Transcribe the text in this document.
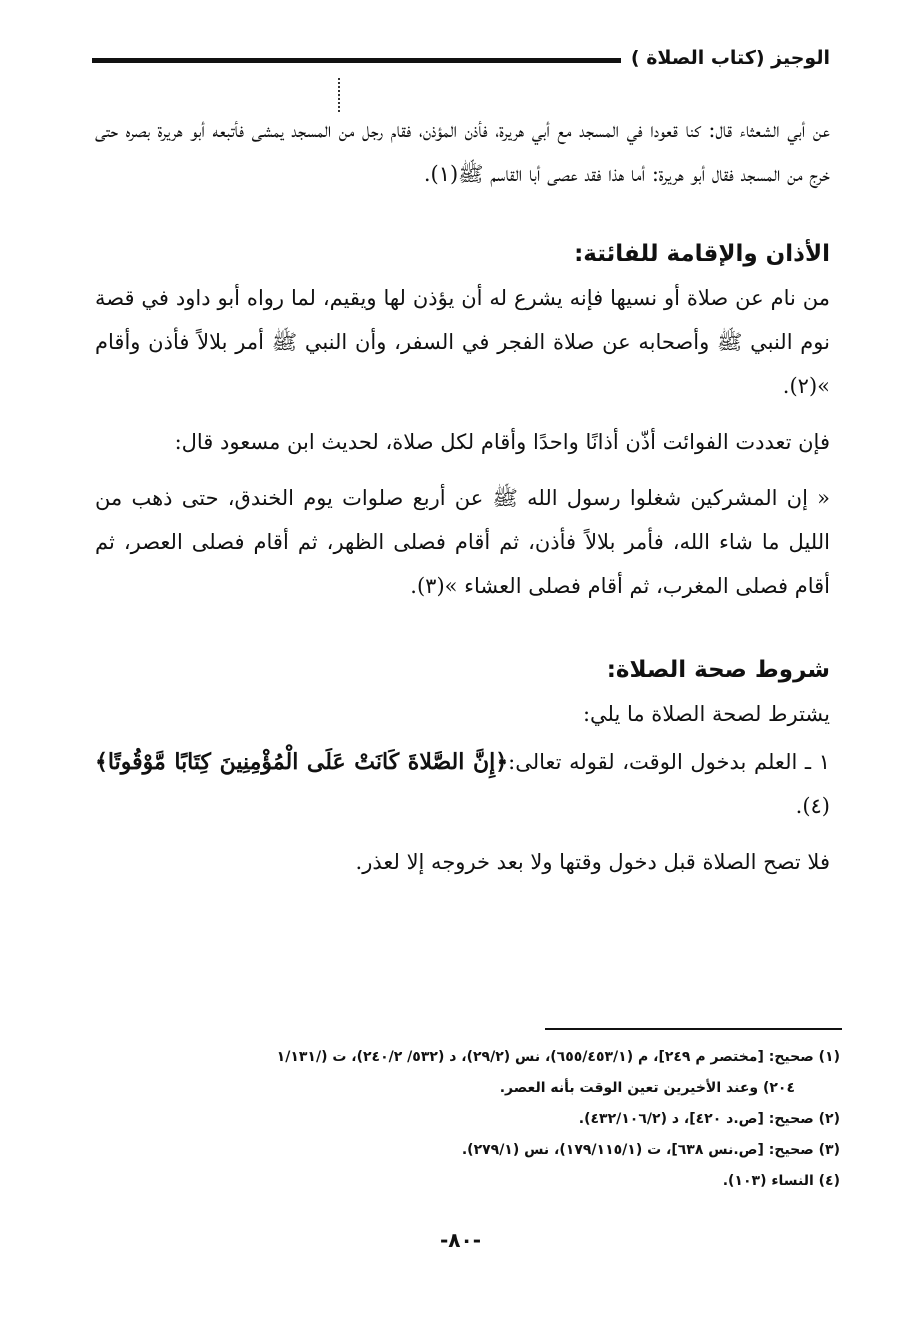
الوجيز (كتاب الصلاة )

عن أبي الشعثاء قال: كنا قعودا في المسجد مع أبي هريرة، فأذن المؤذن، فقام رجل من المسجد يمشى فأتبعه أبو هريرة بصره حتى خرج من المسجد فقال أبو هريرة: أما هذا فقد عصى أبا القاسم ﷺ(١).

الأذان والإقامة للفائتة:

من نام عن صلاة أو نسيها فإنه يشرع له أن يؤذن لها ويقيم، لما رواه أبو داود في قصة نوم النبي ﷺ وأصحابه عن صلاة الفجر في السفر، وأن النبي ﷺ أمر بلالاً فأذن وأقام »(٢).

فإن تعددت الفوائت أذّن أذانًا واحدًا وأقام لكل صلاة، لحديث ابن مسعود قال:

« إن المشركين شغلوا رسول الله ﷺ عن أربع صلوات يوم الخندق، حتى ذهب من الليل ما شاء الله، فأمر بلالاً فأذن، ثم أقام فصلى الظهر، ثم أقام فصلى العصر، ثم أقام فصلى المغرب، ثم أقام فصلى العشاء »(٣).

شروط صحة الصلاة:

يشترط لصحة الصلاة ما يلي:

١ ـ العلم بدخول الوقت، لقوله تعالى:﴿إِنَّ الصَّلاةَ كَانَتْ عَلَى الْمُؤْمِنِينَ كِتَابًا مَّوْقُوتًا﴾ (٤).

فلا تصح الصلاة قبل دخول وقتها ولا بعد خروجه إلا لعذر.

(١) صحيح: [مختصر م ٢٤٩]، م (٦٥٥/٤٥٣/١)، نس (٢٩/٢)، د (٥٣٢/ ٢٤٠/٢)، ت (/١/١٣١
٢٠٤) وعند الأخيرين تعين الوقت بأنه العصر.
(٢) صحيح: [ص.د ٤٢٠]، د (٤٣٢/١٠٦/٢).
(٣) صحيح: [ص.نس ٦٣٨]، ت (١٧٩/١١٥/١)، نس (٢٧٩/١).
(٤) النساء (١٠٣).
-٨٠-
